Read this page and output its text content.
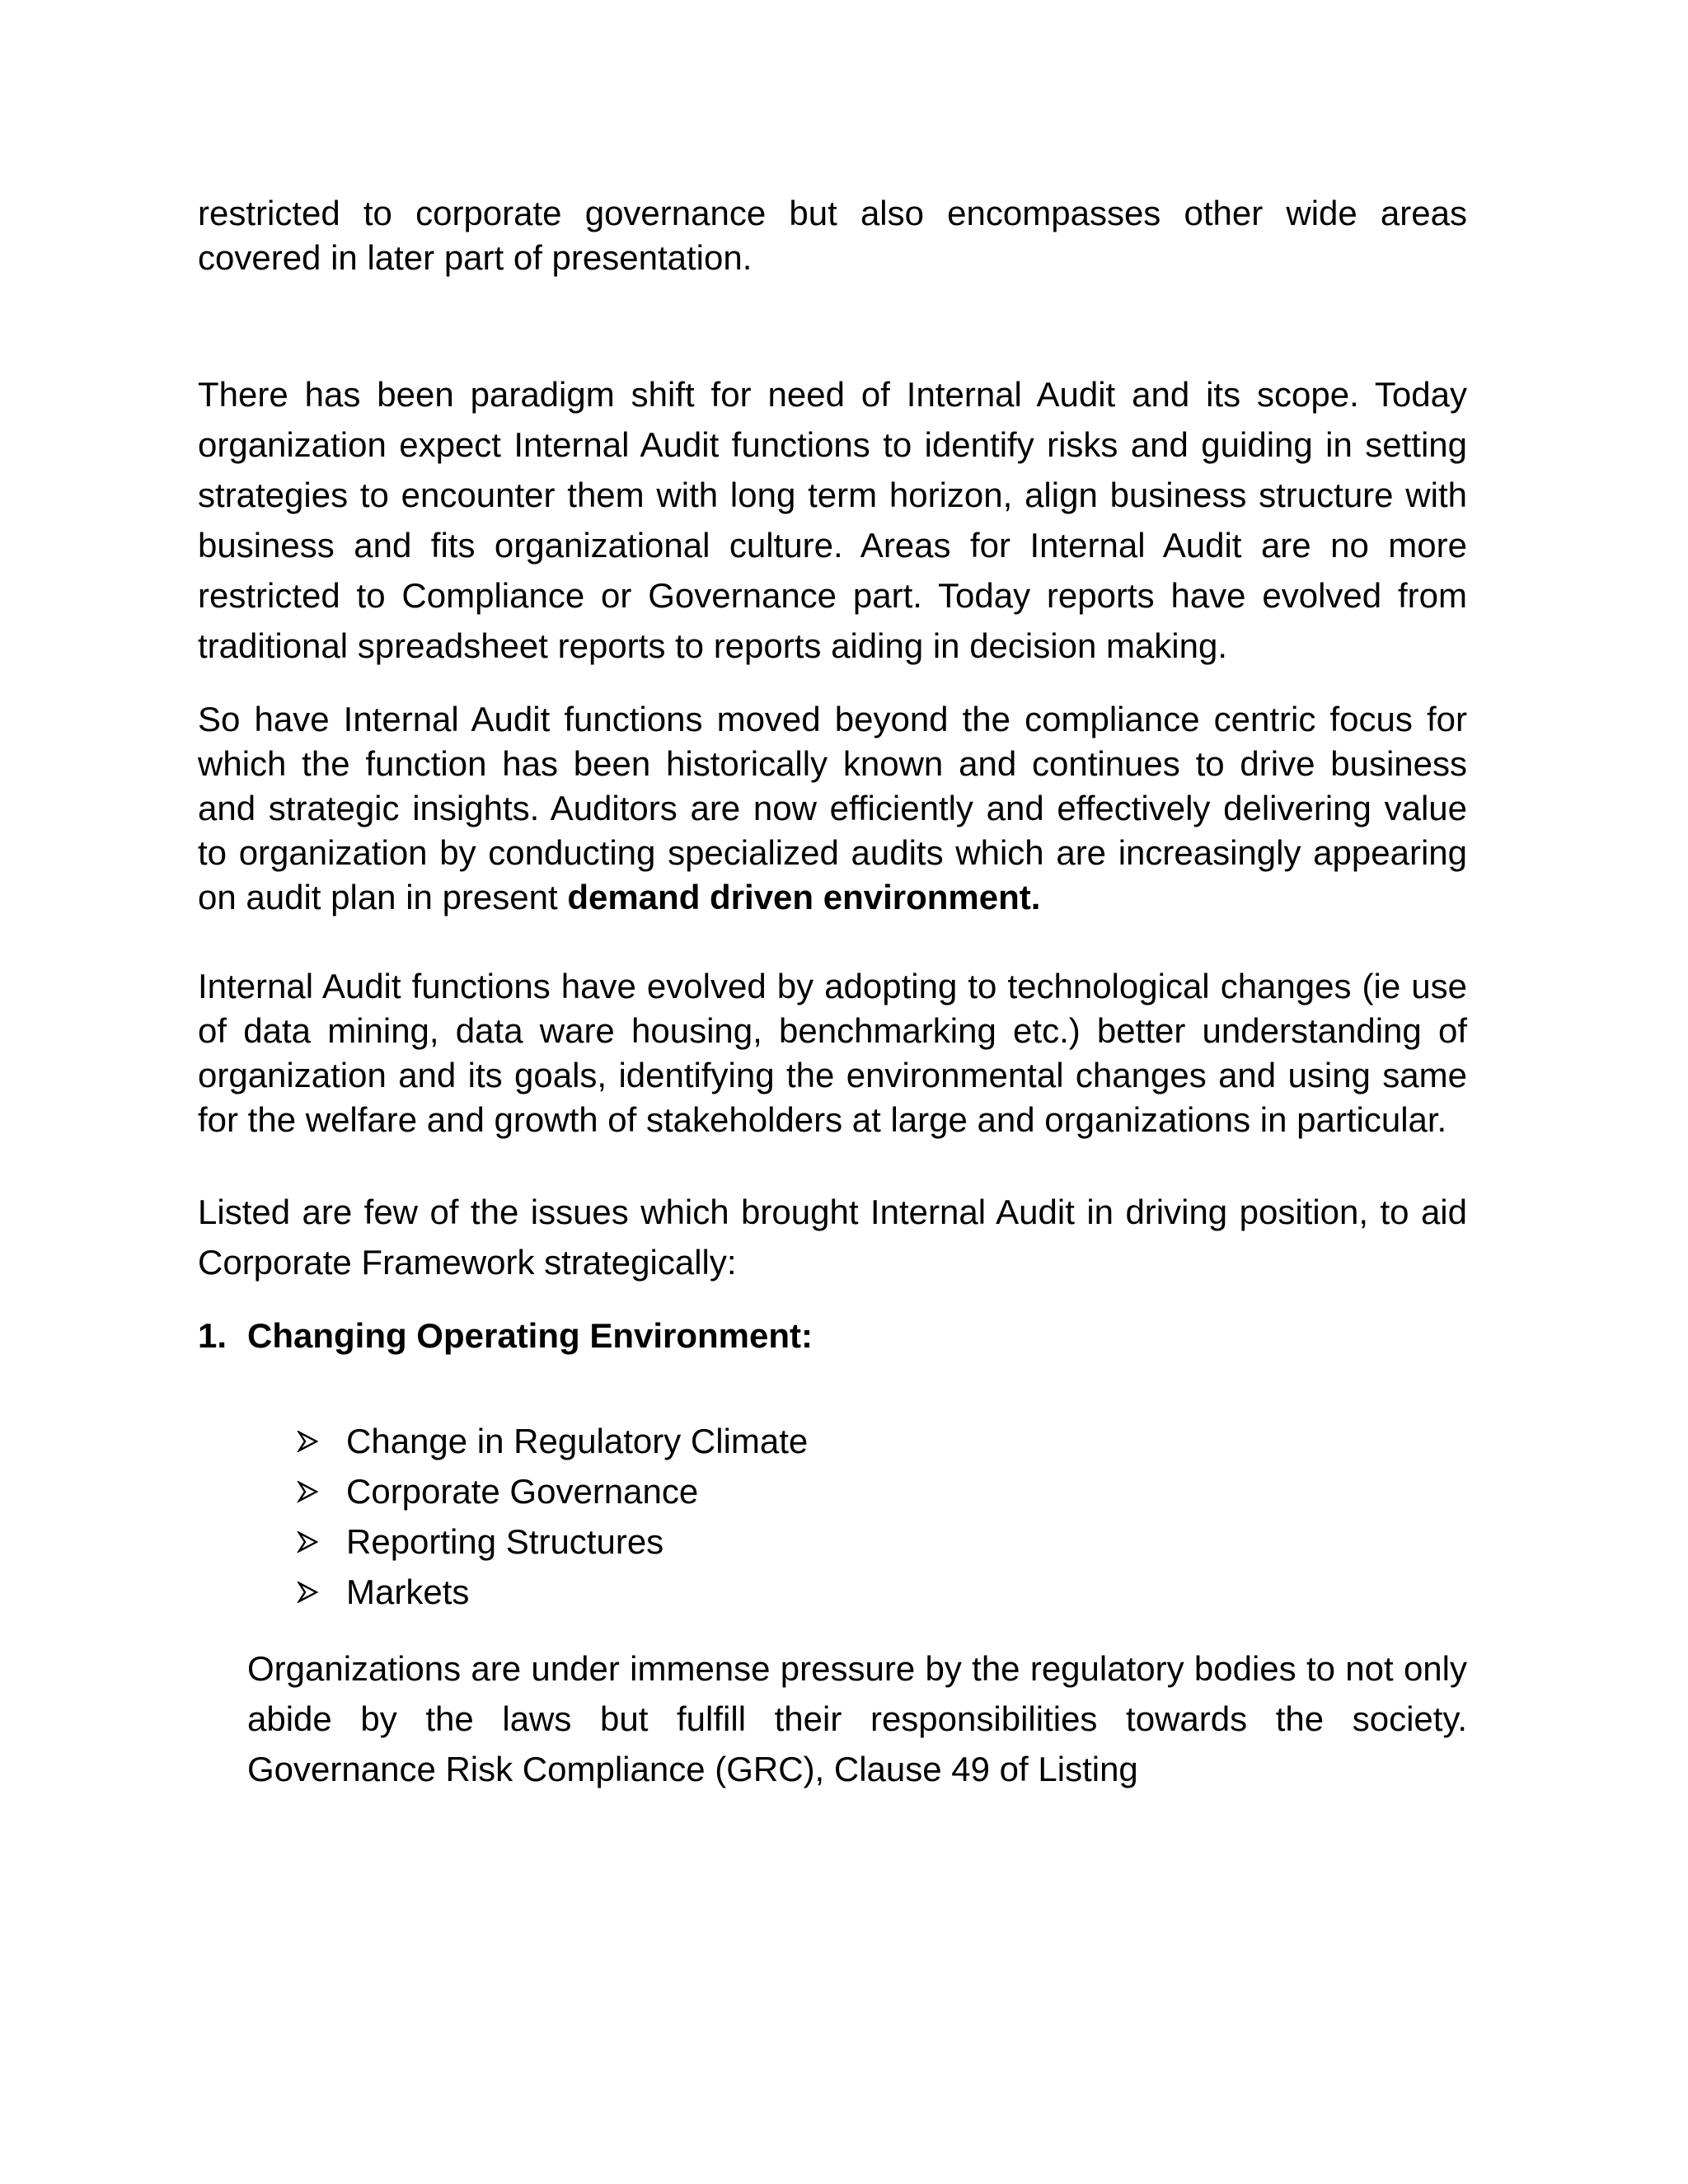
restricted to corporate governance but also encompasses other wide areas covered in later part of presentation.

There has been paradigm shift for need of Internal Audit and its scope. Today organization expect Internal Audit functions to identify risks and guiding in setting strategies to encounter them with long term horizon, align business structure with business and fits organizational culture. Areas for Internal Audit are no more restricted to Compliance or Governance part. Today reports have evolved from traditional spreadsheet reports to reports aiding in decision making.

So have Internal Audit functions moved beyond the compliance centric focus for which the function has been historically known and continues to drive business and strategic insights. Auditors are now efficiently and effectively delivering value to organization by conducting specialized audits which are increasingly appearing on audit plan in present demand driven environment.

Internal Audit functions have evolved by adopting to technological changes (ie use of data mining, data ware housing, benchmarking etc.) better understanding of organization and its goals, identifying the environmental changes and using same for the welfare and growth of stakeholders at large and organizations in particular.

Listed are few of the issues which brought Internal Audit in driving position, to aid Corporate Framework strategically:

1. Changing Operating Environment:
Change in Regulatory Climate
Corporate Governance
Reporting Structures
Markets

Organizations are under immense pressure by the regulatory bodies to not only abide by the laws but fulfill their responsibilities towards the society. Governance Risk Compliance (GRC), Clause 49 of Listing
